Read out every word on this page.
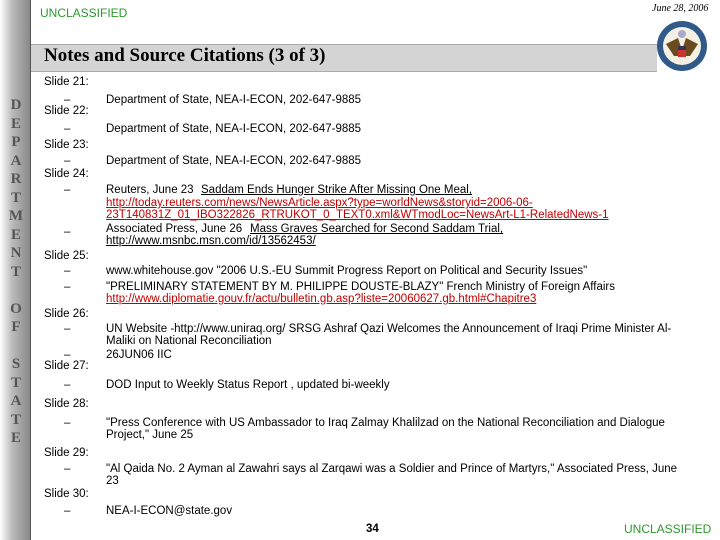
D
E
P
A
R
T
M
E
N
T
O
F
S
T
A
T
E
UNCLASSIFIED	June 28, 2006
Notes and Source Citations (3 of 3)
Slide 21:
Slide 22:
Slide 23:
Slide 24:
Slide 25:
Slide 26:
Slide 27:
Slide 28:
Slide 29:
Slide 30:
–
–
–
–
–
–
–
–
–
–
–
–
–
Department of State, NEA-I-ECON, 202-647-9885
Department of State, NEA-I-ECON, 202-647-9885
Department of State, NEA-I-ECON, 202-647-9885
Reuters, June 23 Saddam Ends Hunger Strike After Missing One Meal,
http://today.reuters.com/news/NewsArticle.aspx?type=worldNews&storyid=2006-06-
23T140831Z_01_IBO322826_RTRUKOT_0_TEXT0.xml&WTmodLoc=NewsArt-L1-RelatedNews-1
Associated Press, June 26 Mass Graves Searched for Second Saddam Trial,
http://www.msnbc.msn.com/id/13562453/
www.whitehouse.gov "2006 U.S.-EU Summit Progress Report on Political and Security Issues"
"PRELIMINARY STATEMENT BY M. PHILIPPE DOUSTE-BLAZY" French Ministry of Foreign Affairs
http://www.diplomatie.gouv.fr/actu/bulletin.gb.asp?liste=20060627.gb.html#Chapitre3
UN Website -http://www.uniraq.org/ SRSG Ashraf Qazi Welcomes the Announcement of Iraqi Prime Minister Al-
Maliki on National Reconciliation
26JUN06 IIC
DOD Input to Weekly Status Report , updated bi-weekly
"Press Conference with US Ambassador to Iraq Zalmay Khalilzad on the National Reconciliation and Dialogue
Project," June 25
"Al Qaida No. 2 Ayman al Zawahri says al Zarqawi was a Soldier and Prince of Martyrs," Associated Press, June
23
NEA-I-ECON@state.gov
34	UNCLASSIFIED
